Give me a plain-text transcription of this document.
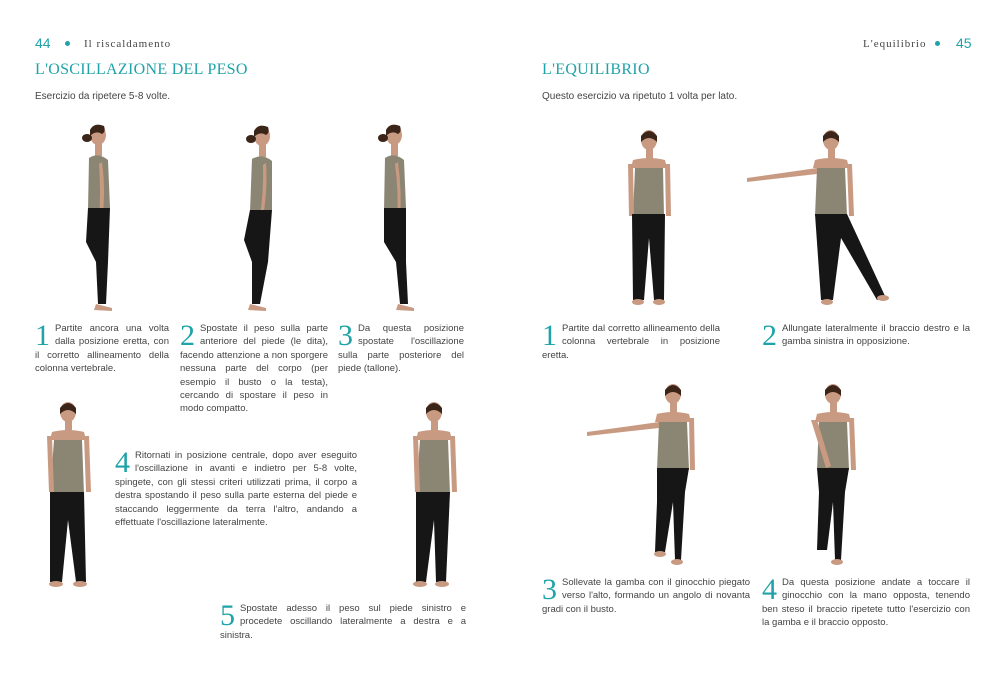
44	Il riscaldamento
L'OSCILLAZIONE DEL PESO
Esercizio da ripetere 5-8 volte.
1 Partite ancora una volta dalla posizione eretta, con il corretto allineamento della colonna vertebrale.
2 Spostate il peso sulla parte anteriore del piede (le dita), facendo attenzione a non sporgere nessuna parte del corpo (per esempio il busto o la testa), cercando di spostare il peso in modo compatto.
3 Da questa posizione spostate l'oscillazione sulla parte posteriore del piede (tallone).
4 Ritornati in posizione centrale, dopo aver eseguito l'oscillazione in avanti e indietro per 5-8 volte, spingete, con gli stessi criteri utilizzati prima, il corpo a destra spostando il peso sulla parte esterna del piede e staccando leggermente da terra l'altro, andando a effettuate l'oscillazione lateralmente.
5 Spostate adesso il peso sul piede sinistro e procedete oscillando lateralmente a destra e a sinistra.
L'equilibrio 45
L'EQUILIBRIO
Questo esercizio va ripetuto 1 volta per lato.
1 Partite dal corretto allineamento della colonna vertebrale in posizione eretta.
2 Allungate lateralmente il braccio destro e la gamba sinistra in opposizione.
3 Sollevate la gamba con il ginocchio piegato verso l'alto, formando un angolo di novanta gradi con il busto.
4 Da questa posizione andate a toccare il ginocchio con la mano opposta, tenendo ben steso il braccio ripetete tutto l'esercizio con la gamba e il braccio opposto.
